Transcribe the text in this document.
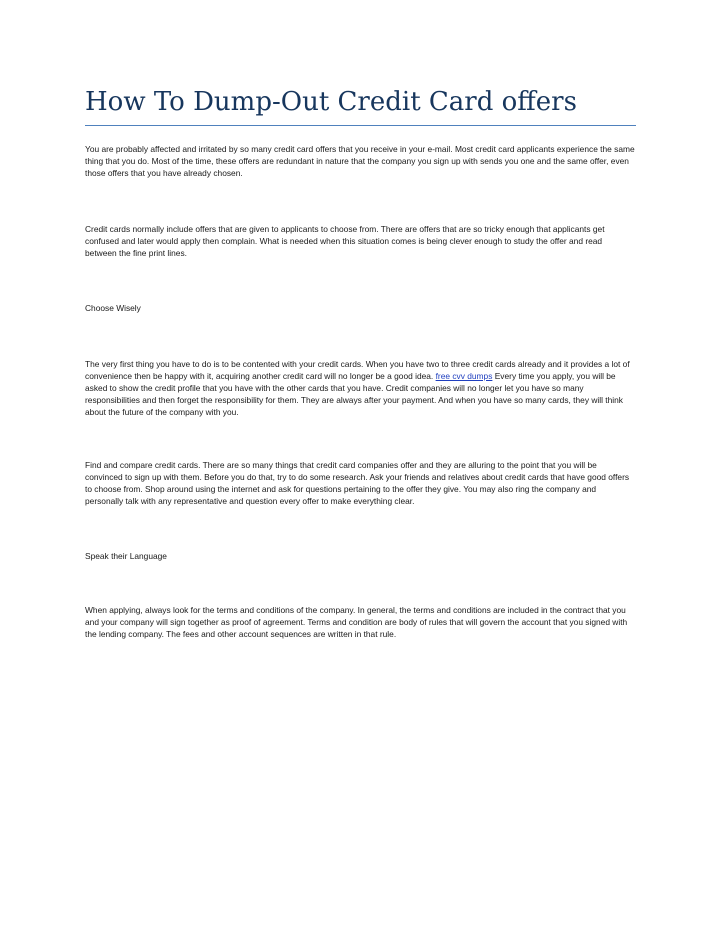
How To Dump-Out Credit Card offers

You are probably affected and irritated by so many credit card offers that you receive in your e-mail. Most credit card applicants experience the same thing that you do. Most of the time, these offers are redundant in nature that the company you sign up with sends you one and the same offer, even those offers that you have already chosen.

Credit cards normally include offers that are given to applicants to choose from. There are offers that are so tricky enough that applicants get confused and later would apply then complain. What is needed when this situation comes is being clever enough to study the offer and read between the fine print lines.

Choose Wisely

The very first thing you have to do is to be contented with your credit cards. When you have two to three credit cards already and it provides a lot of convenience then be happy with it, acquiring another credit card will no longer be a good idea. free cvv dumps Every time you apply, you will be asked to show the credit profile that you have with the other cards that you have. Credit companies will no longer let you have so many responsibilities and then forget the responsibility for them. They are always after your payment. And when you have so many cards, they will think about the future of the company with you.

Find and compare credit cards. There are so many things that credit card companies offer and they are alluring to the point that you will be convinced to sign up with them. Before you do that, try to do some research. Ask your friends and relatives about credit cards that have good offers to choose from. Shop around using the internet and ask for questions pertaining to the offer they give. You may also ring the company and personally talk with any representative and question every offer to make everything clear.

Speak their Language

When applying, always look for the terms and conditions of the company. In general, the terms and conditions are included in the contract that you and your company will sign together as proof of agreement. Terms and condition are body of rules that will govern the account that you signed with the lending company. The fees and other account sequences are written in that rule.
